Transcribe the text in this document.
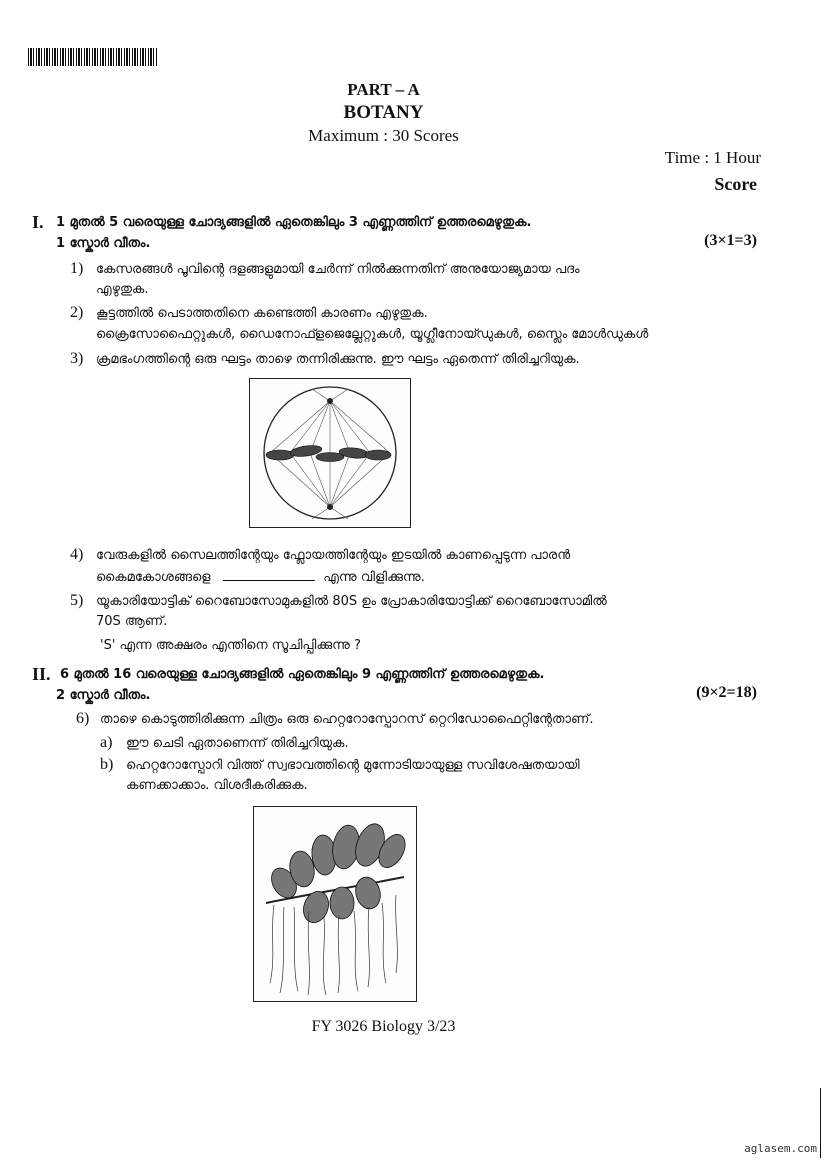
PART – A
BOTANY
Maximum : 30 Scores
Time : 1 Hour
Score
I. 1 മുതൽ 5 വരെയുള്ള ചോദ്യങ്ങളിൽ ഏതെങ്കിലും 3 എണ്ണത്തിന് ഉത്തരമെഴുതുക.
1 സ്കോർ വീതം.	(3×1=3)
1) കേസരങ്ങൾ പൂവിന്റെ ദളങ്ങളുമായി ചേർന്ന് നിൽക്കുന്നതിന് അനുയോജ്യമായ പദം
എഴുതുക.
2) കൂട്ടത്തിൽ പെടാത്തതിനെ കണ്ടെത്തി കാരണം എഴുതുക.
ക്രൈസോഫൈറ്റുകൾ, ഡൈനോഫ്ളജെല്ലേറ്റുകൾ, യൂഗ്ലീനോയ്ഡുകൾ, സ്ലൈം മോൾഡുകൾ
3) ക്രമഭംഗത്തിന്റെ ഒരു ഘട്ടം താഴെ തന്നിരിക്കുന്നു. ഈ ഘട്ടം ഏതെന്ന് തിരിച്ചറിയുക.
4) വേരുകളിൽ സൈലത്തിന്റേയും ഫ്ലോയത്തിന്റേയും ഇടയിൽ കാണപ്പെടുന്ന പാരൻ
കൈമകോശങ്ങളെ	എന്നു വിളിക്കുന്നു.
5) യൂകാരിയോട്ടിക് റൈബോസോമുകളിൽ 80S ഉം പ്രോകാരിയോട്ടിക്ക് റൈബോസോമിൽ
70S ആണ്.
'S' എന്ന അക്ഷരം എന്തിനെ സൂചിപ്പിക്കുന്നു ?
II. 6 മുതൽ 16 വരെയുള്ള ചോദ്യങ്ങളിൽ ഏതെങ്കിലും 9 എണ്ണത്തിന് ഉത്തരമെഴുതുക.
2 സ്കോർ വീതം.	(9×2=18)
6) താഴെ കൊടുത്തിരിക്കുന്ന ചിത്രം ഒരു ഹെറ്ററോസ്പോറസ് റ്റെറിഡോഫൈറ്റിന്റേതാണ്.
a) ഈ ചെടി ഏതാണെന്ന് തിരിച്ചറിയുക.
b) ഹെറ്ററോസ്പോറി വിത്ത് സ്വഭാവത്തിന്റെ മുന്നോടിയായുള്ള സവിശേഷതയായി
കണക്കാക്കാം. വിശദീകരിക്കുക.
FY 3026 Biology 3/23
aglasem.com
